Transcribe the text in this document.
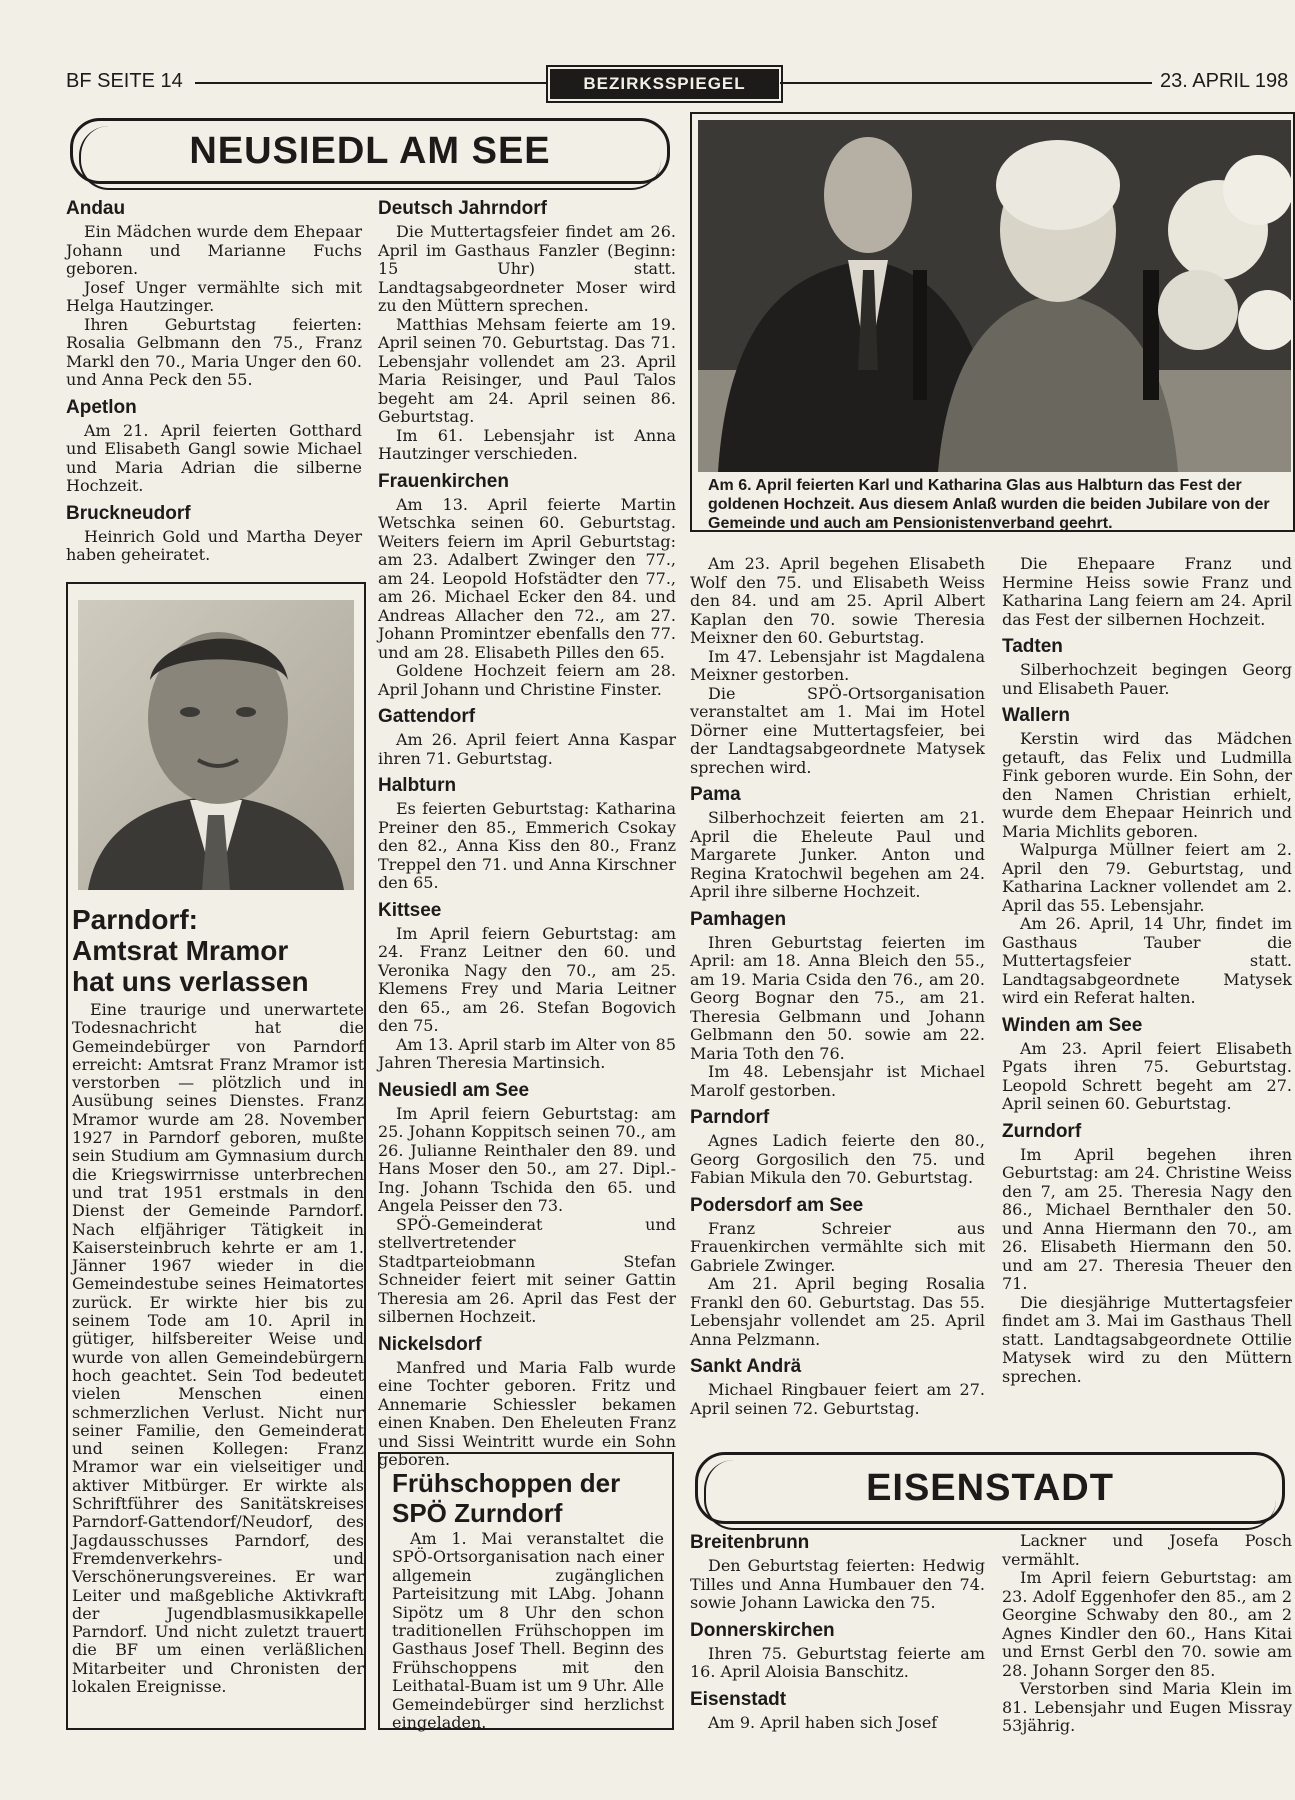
BF SEITE 14	BEZIRKSSPIEGEL	23. APRIL 198
NEUSIEDL AM SEE
Andau

Ein Mädchen wurde dem Ehepaar Johann und Marianne Fuchs geboren.

Josef Unger vermählte sich mit Helga Hautzinger.

Ihren Geburtstag feierten: Rosalia Gelbmann den 75., Franz Markl den 70., Maria Unger den 60. und Anna Peck den 55.

Apetlon

Am 21. April feierten Gotthard und Elisabeth Gangl sowie Michael und Maria Adrian die silberne Hochzeit.

Bruckneudorf

Heinrich Gold und Martha Deyer haben geheiratet.

Parndorf:

Amtsrat Mramor

hat uns verlassen

Eine traurige und unerwartete Todesnachricht hat die Gemeindebürger von Parndorf erreicht: Amtsrat Franz Mramor ist verstorben — plötzlich und in Ausübung seines Dienstes. Franz Mramor wurde am 28. November 1927 in Parndorf geboren, mußte sein Studium am Gymnasium durch die Kriegswirrnisse unterbrechen und trat 1951 erstmals in den Dienst der Gemeinde Parndorf. Nach elfjähriger Tätigkeit in Kaisersteinbruch kehrte er am 1. Jänner 1967 wieder in die Gemeindestube seines Heimatortes zurück. Er wirkte hier bis zu seinem Tode am 10. April in gütiger, hilfsbereiter Weise und wurde von allen Gemeindebürgern hoch geachtet. Sein Tod bedeutet vielen Menschen einen schmerzlichen Verlust. Nicht nur seiner Familie, den Gemeinderat und seinen Kollegen: Franz Mramor war ein vielseitiger und aktiver Mitbürger. Er wirkte als Schriftführer des Sanitätskreises Parndorf-Gattendorf/Neudorf, des Jagdausschusses Parndorf, des Fremdenverkehrs- und Verschönerungsvereines. Er war Leiter und maßgebliche Aktivkraft der Jugendblasmusikkapelle Parndorf. Und nicht zuletzt trauert die BF um einen verläßlichen Mitarbeiter und Chronisten der lokalen Ereignisse.

Deutsch Jahrndorf

Die Muttertagsfeier findet am 26. April im Gasthaus Fanzler (Beginn: 15 Uhr) statt. Landtagsabgeordneter Moser wird zu den Müttern sprechen.

Matthias Mehsam feierte am 19. April seinen 70. Geburtstag. Das 71. Lebensjahr vollendet am 23. April Maria Reisinger, und Paul Talos begeht am 24. April seinen 86. Geburtstag.

Im 61. Lebensjahr ist Anna Hautzinger verschieden.

Frauenkirchen

Am 13. April feierte Martin Wetschka seinen 60. Geburtstag. Weiters feiern im April Geburtstag: am 23. Adalbert Zwinger den 77., am 24. Leopold Hofstädter den 77., am 26. Michael Ecker den 84. und Andreas Allacher den 72., am 27. Johann Promintzer ebenfalls den 77. und am 28. Elisabeth Pilles den 65.

Goldene Hochzeit feiern am 28. April Johann und Christine Finster.

Gattendorf

Am 26. April feiert Anna Kaspar ihren 71. Geburtstag.

Halbturn

Es feierten Geburtstag: Katharina Preiner den 85., Emmerich Csokay den 82., Anna Kiss den 80., Franz Treppel den 71. und Anna Kirschner den 65.

Kittsee

Im April feiern Geburtstag: am 24. Franz Leitner den 60. und Veronika Nagy den 70., am 25. Klemens Frey und Maria Leitner den 65., am 26. Stefan Bogovich den 75.

Am 13. April starb im Alter von 85 Jahren Theresia Martinsich.

Neusiedl am See

Im April feiern Geburtstag: am 25. Johann Koppitsch seinen 70., am 26. Julianne Reinthaler den 89. und Hans Moser den 50., am 27. Dipl.-Ing. Johann Tschida den 65. und Angela Peisser den 73.

SPÖ-Gemeinderat und stellvertretender Stadtparteiobmann Stefan Schneider feiert mit seiner Gattin Theresia am 26. April das Fest der silbernen Hochzeit.

Nickelsdorf

Manfred und Maria Falb wurde eine Tochter geboren. Fritz und Annemarie Schiessler bekamen einen Knaben. Den Eheleuten Franz und Sissi Weintritt wurde ein Sohn geboren.

Frühschoppen der

SPÖ Zurndorf

Am 1. Mai veranstaltet die SPÖ-Ortsorganisation nach einer allgemein zugänglichen Parteisitzung mit LAbg. Johann Sipötz um 8 Uhr den schon traditionellen Frühschoppen im Gasthaus Josef Thell. Beginn des Frühschoppens mit den Leithatal-Buam ist um 9 Uhr. Alle Gemeindebürger sind herzlichst eingeladen.

Am 6. April feierten Karl und Katharina Glas aus Halbturn das Fest der goldenen Hochzeit. Aus diesem Anlaß wurden die beiden Jubilare von der Gemeinde und auch am Pensionistenverband geehrt.

Am 23. April begehen Elisabeth Wolf den 75. und Elisabeth Weiss den 84. und am 25. April Albert Kaplan den 70. sowie Theresia Meixner den 60. Geburtstag.

Im 47. Lebensjahr ist Magdalena Meixner gestorben.

Die SPÖ-Ortsorganisation veranstaltet am 1. Mai im Hotel Dörner eine Muttertagsfeier, bei der Landtagsabgeordnete Matysek sprechen wird.

Pama

Silberhochzeit feierten am 21. April die Eheleute Paul und Margarete Junker. Anton und Regina Kratochwil begehen am 24. April ihre silberne Hochzeit.

Pamhagen

Ihren Geburtstag feierten im April: am 18. Anna Bleich den 55., am 19. Maria Csida den 76., am 20. Georg Bognar den 75., am 21. Theresia Gelbmann und Johann Gelbmann den 50. sowie am 22. Maria Toth den 76.

Im 48. Lebensjahr ist Michael Marolf gestorben.

Parndorf

Agnes Ladich feierte den 80., Georg Gorgosilich den 75. und Fabian Mikula den 70. Geburtstag.

Podersdorf am See

Franz Schreier aus Frauenkirchen vermählte sich mit Gabriele Zwinger.

Am 21. April beging Rosalia Frankl den 60. Geburtstag. Das 55. Lebensjahr vollendet am 25. April Anna Pelzmann.

Sankt Andrä

Michael Ringbauer feiert am 27. April seinen 72. Geburtstag.

Die Ehepaare Franz und Hermine Heiss sowie Franz und Katharina Lang feiern am 24. April das Fest der silbernen Hochzeit.

Tadten

Silberhochzeit begingen Georg und Elisabeth Pauer.

Wallern

Kerstin wird das Mädchen getauft, das Felix und Ludmilla Fink geboren wurde. Ein Sohn, der den Namen Christian erhielt, wurde dem Ehepaar Heinrich und Maria Michlits geboren.

Walpurga Müllner feiert am 2. April den 79. Geburtstag, und Katharina Lackner vollendet am 2. April das 55. Lebensjahr.

Am 26. April, 14 Uhr, findet im Gasthaus Tauber die Muttertagsfeier statt. Landtagsabgeordnete Matysek wird ein Referat halten.

Winden am See

Am 23. April feiert Elisabeth Pgats ihren 75. Geburtstag. Leopold Schrett begeht am 27. April seinen 60. Geburtstag.

Zurndorf

Im April begehen ihren Geburtstag: am 24. Christine Weiss den 7, am 25. Theresia Nagy den 86., Michael Bernthaler den 50. und Anna Hiermann den 70., am 26. Elisabeth Hiermann den 50. und am 27. Theresia Theuer den 71.

Die diesjährige Muttertagsfeier findet am 3. Mai im Gasthaus Thell statt. Landtagsabgeordnete Ottilie Matysek wird zu den Müttern sprechen.

EISENSTADT
Breitenbrunn

Den Geburtstag feierten: Hedwig Tilles und Anna Humbauer den 74. sowie Johann Lawicka den 75.

Donnerskirchen

Ihren 75. Geburtstag feierte am 16. April Aloisia Banschitz.

Eisenstadt

Am 9. April haben sich Josef

Lackner und Josefa Posch vermählt.

Im April feiern Geburtstag: am 23. Adolf Eggenhofer den 85., am 2 Georgine Schwaby den 80., am 2 Agnes Kindler den 60., Hans Kitai und Ernst Gerbl den 70. sowie am 28. Johann Sorger den 85.

Verstorben sind Maria Klein im 81. Lebensjahr und Eugen Missray 53jährig.
